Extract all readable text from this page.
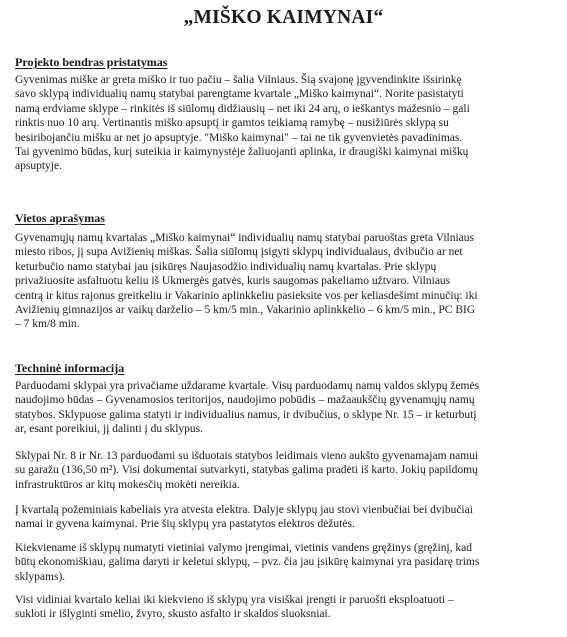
„MIŠKO KAIMYNAI“
Projekto bendras pristatymas
Gyvenimas miške ar greta miško ir tuo pačiu – šalia Vilniaus. Šią svajonę įgyvendinkite išsirinkę
savo sklypą individualių namų statybai parengtame kvartale „Miško kaimynai“. Norite pasistatyti
namą erdviame sklype – rinkitės iš siūlomų didžiausių – net iki 24 arų, o ieškantys mažesnio – gali
rinktis nuo 10 arų. Vertinantis miško apsuptį ir gamtos teikiamą ramybę – nusižiūrės sklypą su
besiribojančiu mišku ar net jo apsuptyje. "Miško kaimynai" – tai ne tik gyvenvietės pavadinimas.
Tai gyvenimo būdas, kurį suteikia ir kaimynystėje žaliuojanti aplinka, ir draugiški kaimynai miškų
apsuptyje.
Vietos aprašymas
Gyvenamųjų namų kvartalas „Miško kaimynai“ individualių namų statybai paruoštas greta Vilniaus
miesto ribos, jį supa Avižienių miškas. Šalia siūlomų įsigyti sklypų individualaus, dvibučio ar net
keturbučio namo statybai jau įsikūręs Naujasodžio individualių namų kvartalas. Prie sklypų
privažiuosite asfaltuotu keliu iš Ukmergės gatvės, kuris saugomas pakeliamo užtvaro. Vilniaus
centrą ir kitus rajonus greitkeliu ir Vakarinio aplinkkeliu pasieksite vos per keliasdešimt minučių: iki
Avižienių gimnazijos ar vaikų darželio – 5 km/5 min., Vakarinio aplinkkelio – 6 km/5 min., PC BIG
– 7 km/8 min.
Techninė informacija
Parduodami sklypai yra privačiame uždarame kvartale. Visų parduodamų namų valdos sklypų žemės
naudojimo būdas – Gyvenamosios teritorijos, naudojimo pobūdis – mažaaukščių gyvenamųjų namų
statybos. Sklypuose galima statyti ir individualius namus, ir dvibučius, o sklype Nr. 15 – ir keturbutį
ar, esant poreikiui, jį dalinti į du sklypus.
Sklypai Nr. 8 ir Nr. 13 parduodami su išduotais statybos leidimais vieno aukšto gyvenamajam namui
su garažu (136,50 m²). Visi dokumentai sutvarkyti, statybas galima pradėti iš karto. Jokių papildomų
infrastruktūros ar kitų mokesčių mokėti nereikia.
Į kvartalą požeminiais kabeliais yra atvesta elektra. Dalyje sklypų jau stovi vienbučiai bei dvibučiai
namai ir gyvena kaimynai. Prie šių sklypų yra pastatytos elektros dėžutės.
Kiekviename iš sklypų numatyti vietiniai valymo įrengimai, vietinis vandens gręžinys (gręžinį, kad
būtų ekonomiškiau, galima daryti ir keletui sklypų, – pvz. čia jau įsikūrę kaimynai yra pasidarę trims
sklypams).
Visi vidiniai kvartalo keliai iki kiekvieno iš sklypų yra visiškai įrengti ir paruošti eksploatuoti –
sukloti ir išlyginti smėlio, žvyro, skusto asfalto ir skaldos sluoksniai.
